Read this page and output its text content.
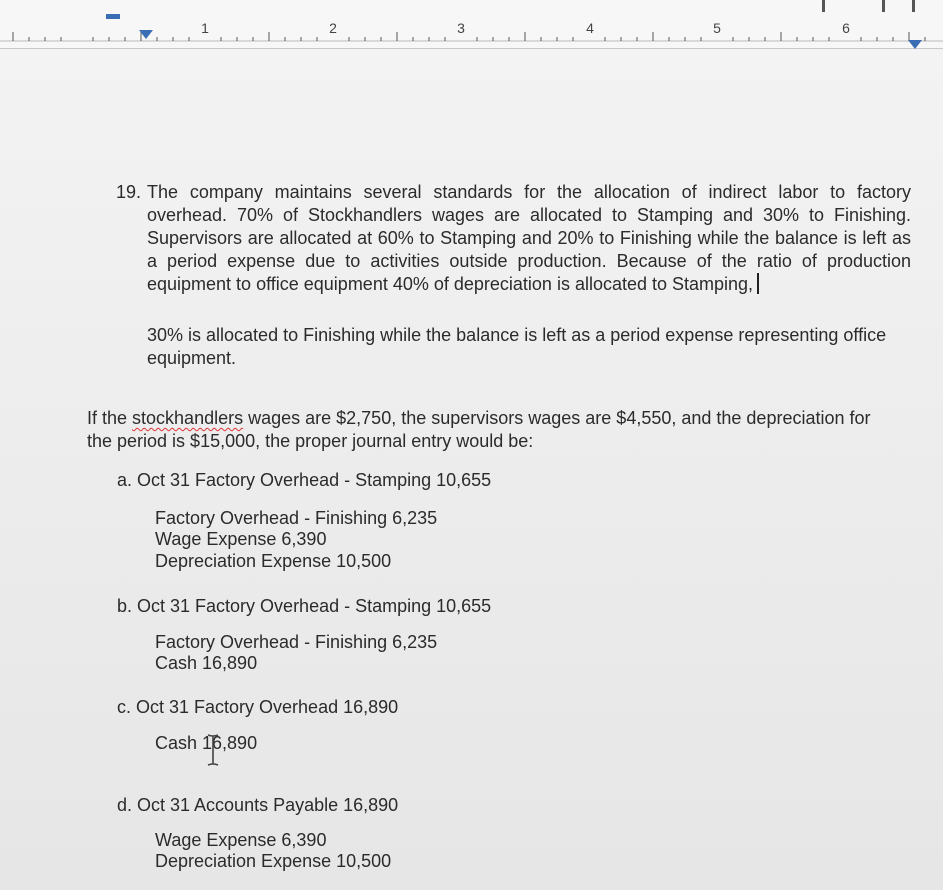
1	2	3	4	5	6
19. The company maintains several standards for the allocation of indirect labor to factory overhead. 70% of Stockhandlers wages are allocated to Stamping and 30% to Finishing. Supervisors are allocated at 60% to Stamping and 20% to Finishing while the balance is left as a period expense due to activities outside production. Because of the ratio of production equipment to office equipment 40% of depreciation is allocated to Stamping,
30% is allocated to Finishing while the balance is left as a period expense representing office equipment.
If the stockhandlers wages are $2,750, the supervisors wages are $4,550, and the depreciation for the period is $15,000, the proper journal entry would be:
a. Oct 31 Factory Overhead - Stamping 10,655
Factory Overhead - Finishing 6,235
Wage Expense 6,390
Depreciation Expense 10,500
b. Oct 31 Factory Overhead - Stamping 10,655
Factory Overhead - Finishing 6,235
Cash 16,890
c. Oct 31 Factory Overhead 16,890
Cash 16,890
d. Oct 31 Accounts Payable 16,890
Wage Expense 6,390
Depreciation Expense 10,500
